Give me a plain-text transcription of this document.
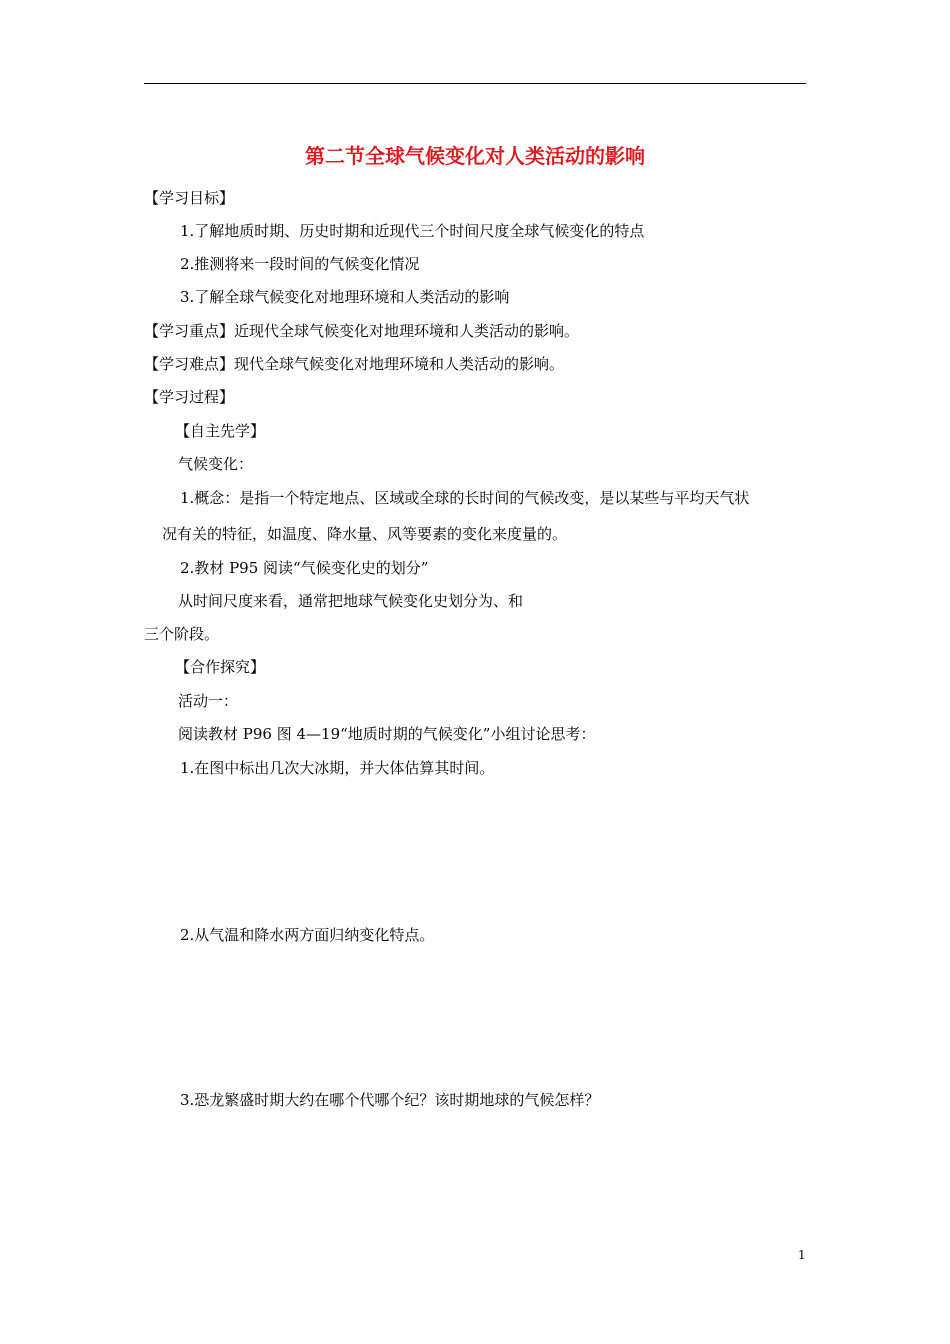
第二节全球气候变化对人类活动的影响
【学习目标】
1.了解地质时期、历史时期和近现代三个时间尺度全球气候变化的特点
2.推测将来一段时间的气候变化情况
3.了解全球气候变化对地理环境和人类活动的影响
【学习重点】近现代全球气候变化对地理环境和人类活动的影响。
【学习难点】现代全球气候变化对地理环境和人类活动的影响。
【学习过程】
【自主先学】
气候变化：
1.概念：是指一个特定地点、区域或全球的长时间的气候改变，是以某些与平均天气状
况有关的特征，如温度、降水量、风等要素的变化来度量的。
2.教材 P95 阅读“气候变化史的划分”
从时间尺度来看，通常把地球气候变化史划分为、和
三个阶段。
【合作探究】
活动一：
阅读教材 P96 图 4—19“地质时期的气候变化”小组讨论思考：
1.在图中标出几次大冰期，并大体估算其时间。
2.从气温和降水两方面归纳变化特点。
3.恐龙繁盛时期大约在哪个代哪个纪？该时期地球的气候怎样？
1
